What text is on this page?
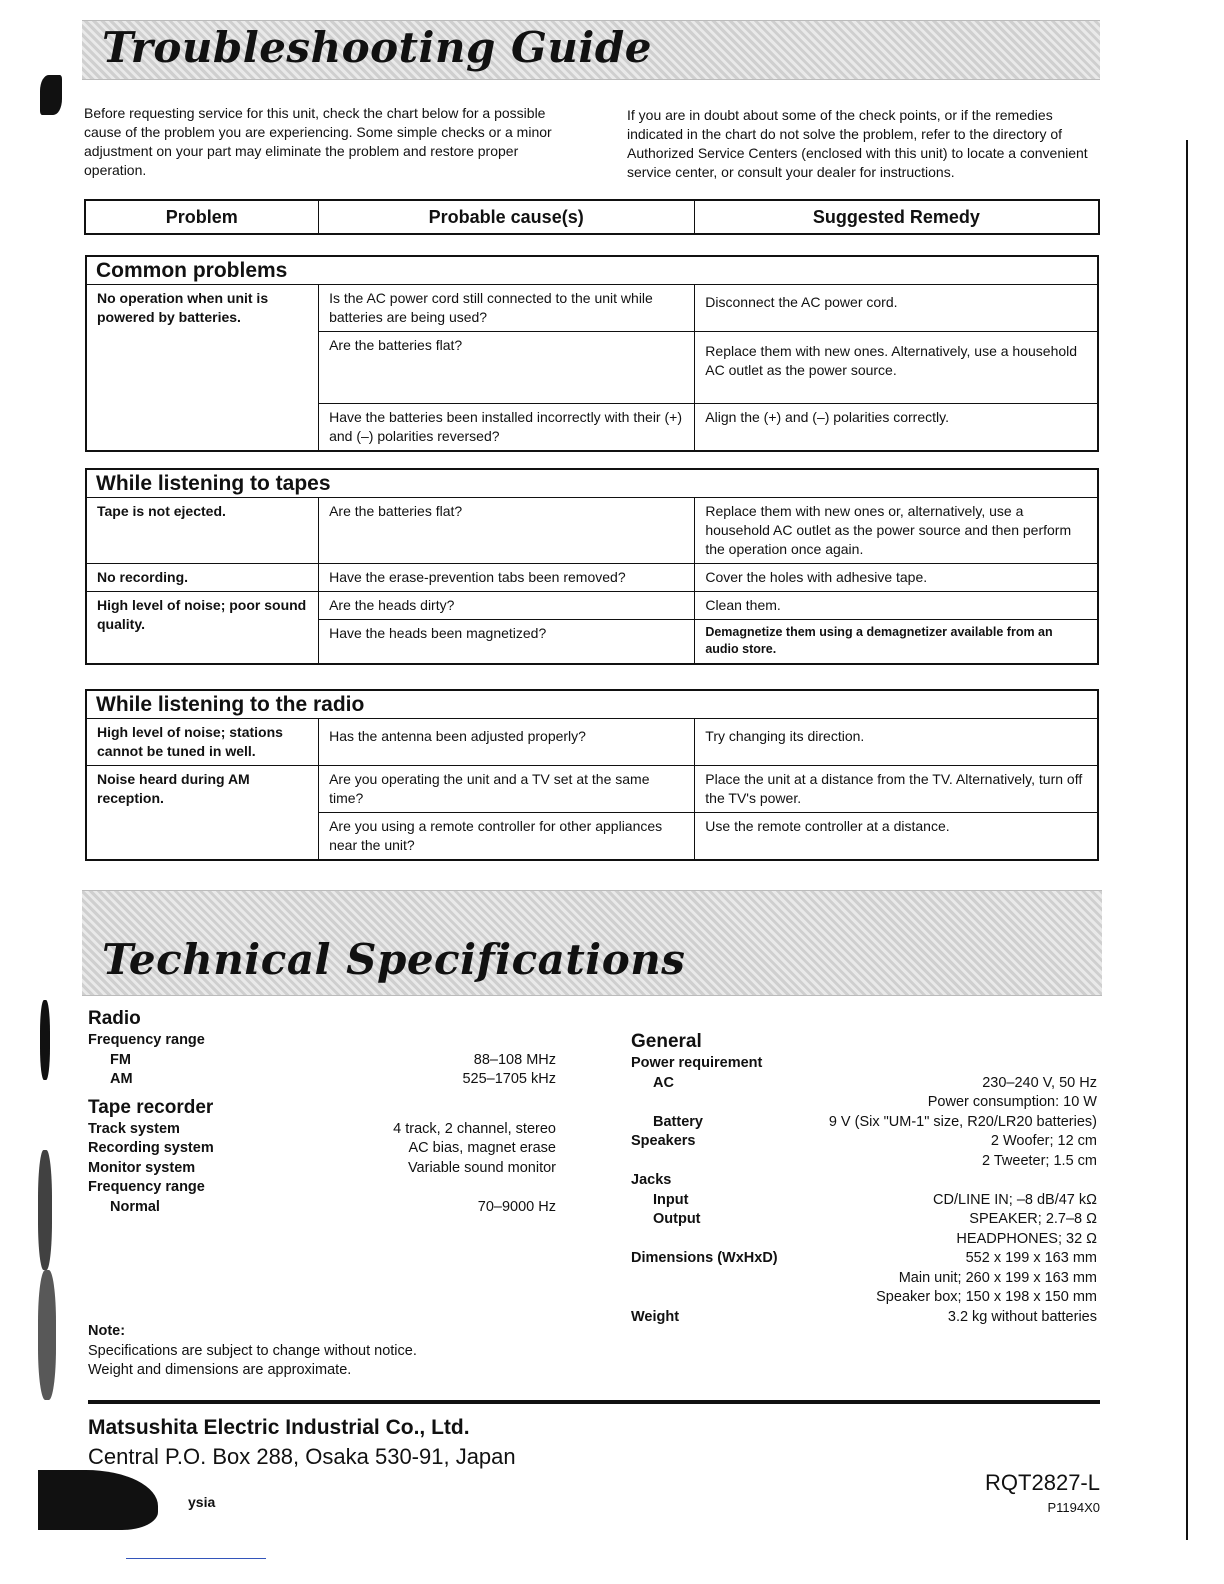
Troubleshooting Guide
Before requesting service for this unit, check the chart below for a possible cause of the problem you are experiencing. Some simple checks or a minor adjustment on your part may eliminate the problem and restore proper operation.
If you are in doubt about some of the check points, or if the remedies indicated in the chart do not solve the problem, refer to the directory of Authorized Service Centers (enclosed with this unit) to locate a convenient service center, or consult your dealer for instructions.
Problem	Probable cause(s)	Suggested Remedy
Common problems		
No operation when unit is powered by batteries.	Is the AC power cord still connected to the unit while batteries are being used?	Disconnect the AC power cord.
	Are the batteries flat?	Replace them with new ones. Alternatively, use a household AC outlet as the power source.
	Have the batteries been installed incorrectly with their (+) and (–) polarities reversed?	Align the (+) and (–) polarities correctly.
While listening to tapes		
Tape is not ejected.	Are the batteries flat?	Replace them with new ones or, alternatively, use a household AC outlet as the power source and then perform the operation once again.
No recording.	Have the erase-prevention tabs been removed?	Cover the holes with adhesive tape.
High level of noise; poor sound quality.	Are the heads dirty?	Clean them.
	Have the heads been magnetized?	Demagnetize them using a demagnetizer available from an audio store.
While listening to the radio		
High level of noise; stations cannot be tuned in well.	Has the antenna been adjusted properly?	Try changing its direction.
Noise heard during AM reception.	Are you operating the unit and a TV set at the same time?	Place the unit at a distance from the TV. Alternatively, turn off the TV's power.
	Are you using a remote controller for other appliances near the unit?	Use the remote controller at a distance.
Technical Specifications
Radio
Frequency range
FM	88–108 MHz
AM	525–1705 kHz
Tape recorder
Track system	4 track, 2 channel, stereo
Recording system	AC bias, magnet erase
Monitor system	Variable sound monitor
Frequency range
Normal	70–9000 Hz
General
Power requirement
AC	230–240 V, 50 Hz
Power consumption: 10 W
Battery	9 V (Six "UM-1" size, R20/LR20 batteries)
Speakers	2 Woofer; 12 cm
2 Tweeter; 1.5 cm
Jacks
Input	CD/LINE IN; –8 dB/47 kΩ
Output	SPEAKER; 2.7–8 Ω
HEADPHONES; 32 Ω
Dimensions (WxHxD)	552 x 199 x 163 mm
Main unit; 260 x 199 x 163 mm
Speaker box; 150 x 198 x 150 mm
Weight	3.2 kg without batteries
Note:
Specifications are subject to change without notice.
Weight and dimensions are approximate.
Matsushita Electric Industrial Co., Ltd.
Central P.O. Box 288, Osaka 530-91, Japan
ysia
RQT2827-L
P1194X0
